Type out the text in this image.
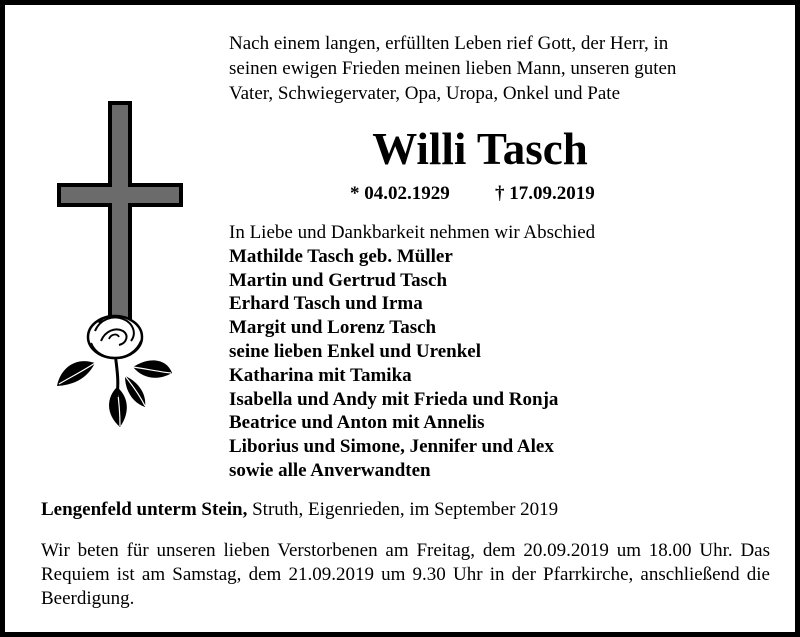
Nach einem langen, erfüllten Leben rief Gott, der Herr, in
seinen ewigen Frieden meinen lieben Mann, unseren guten
Vater, Schwiegervater, Opa, Uropa, Onkel und Pate
Willi Tasch
* 04.02.1929 † 17.09.2019
In Liebe und Dankbarkeit nehmen wir Abschied
Mathilde Tasch geb. Müller
Martin und Gertrud Tasch
Erhard Tasch und Irma
Margit und Lorenz Tasch
seine lieben Enkel und Urenkel
Katharina mit Tamika
Isabella und Andy mit Frieda und Ronja
Beatrice und Anton mit Annelis
Liborius und Simone, Jennifer und Alex
sowie alle Anverwandten
Lengenfeld unterm Stein, Struth, Eigenrieden, im September 2019
Wir beten für unseren lieben Verstorbenen am Freitag, dem 20.09.2019 um 18.00 Uhr. Das Requiem ist am Samstag, dem 21.09.2019 um 9.30 Uhr in der Pfarrkirche, anschließend die Beerdigung.
